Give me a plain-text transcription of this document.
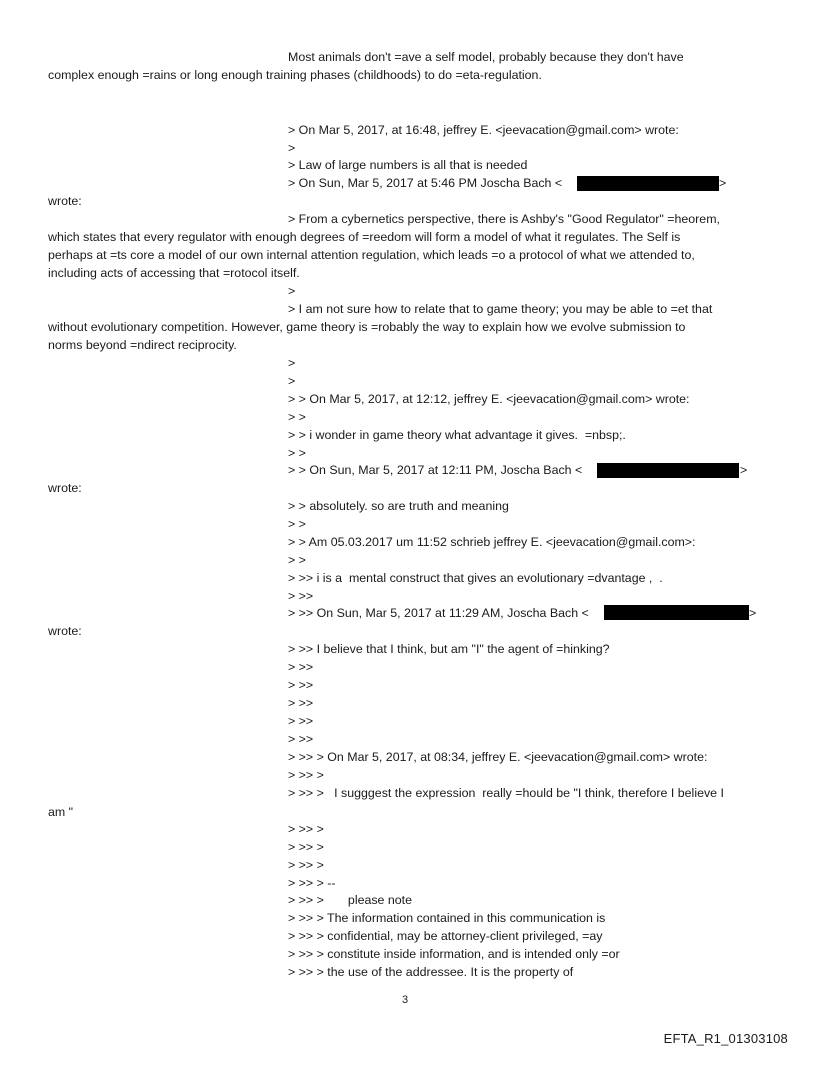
Most animals don't =ave a self model, probably because they don't have
complex enough =rains or long enough training phases (childhoods) to do =eta-regulation.
> On Mar 5, 2017, at 16:48, jeffrey E. <jeevacation@gmail.com> wrote:
>
> Law of large numbers is all that is needed
> On Sun, Mar 5, 2017 at 5:46 PM Joscha Bach <	>
wrote:
> From a cybernetics perspective, there is Ashby's "Good Regulator" =heorem,
which states that every regulator with enough degrees of =reedom will form a model of what it regulates. The Self is
perhaps at =ts core a model of our own internal attention regulation, which leads =o a protocol of what we attended to,
including acts of accessing that =rotocol itself.
>
> I am not sure how to relate that to game theory; you may be able to =et that
without evolutionary competition. However, game theory is =robably the way to explain how we evolve submission to
norms beyond =ndirect reciprocity.
>
>
> > On Mar 5, 2017, at 12:12, jeffrey E. <jeevacation@gmail.com> wrote:
> >
> > i wonder in game theory what advantage it gives.  =nbsp;.
> >
> > On Sun, Mar 5, 2017 at 12:11 PM, Joscha Bach <	>
wrote:
> > absolutely. so are truth and meaning
> >
> > Am 05.03.2017 um 11:52 schrieb jeffrey E. <jeevacation@gmail.com>:
> >
> >> i is a  mental construct that gives an evolutionary =dvantage ,  .
> >>
> >> On Sun, Mar 5, 2017 at 11:29 AM, Joscha Bach <	>
wrote:
> >> I believe that I think, but am "I" the agent of =hinking?
> >>
> >>
> >>
> >>
> >>
> >> > On Mar 5, 2017, at 08:34, jeffrey E. <jeevacation@gmail.com> wrote:
> >> >
> >> >   I sugggest the expression  really =hould be "I think, therefore I believe I
am "
> >> >
> >> >
> >> >
> >> > --
> >> >       please note
> >> > The information contained in this communication is
> >> > confidential, may be attorney-client privileged, =ay
> >> > constitute inside information, and is intended only =or
> >> > the use of the addressee. It is the property of
3
EFTA_R1_01303108
